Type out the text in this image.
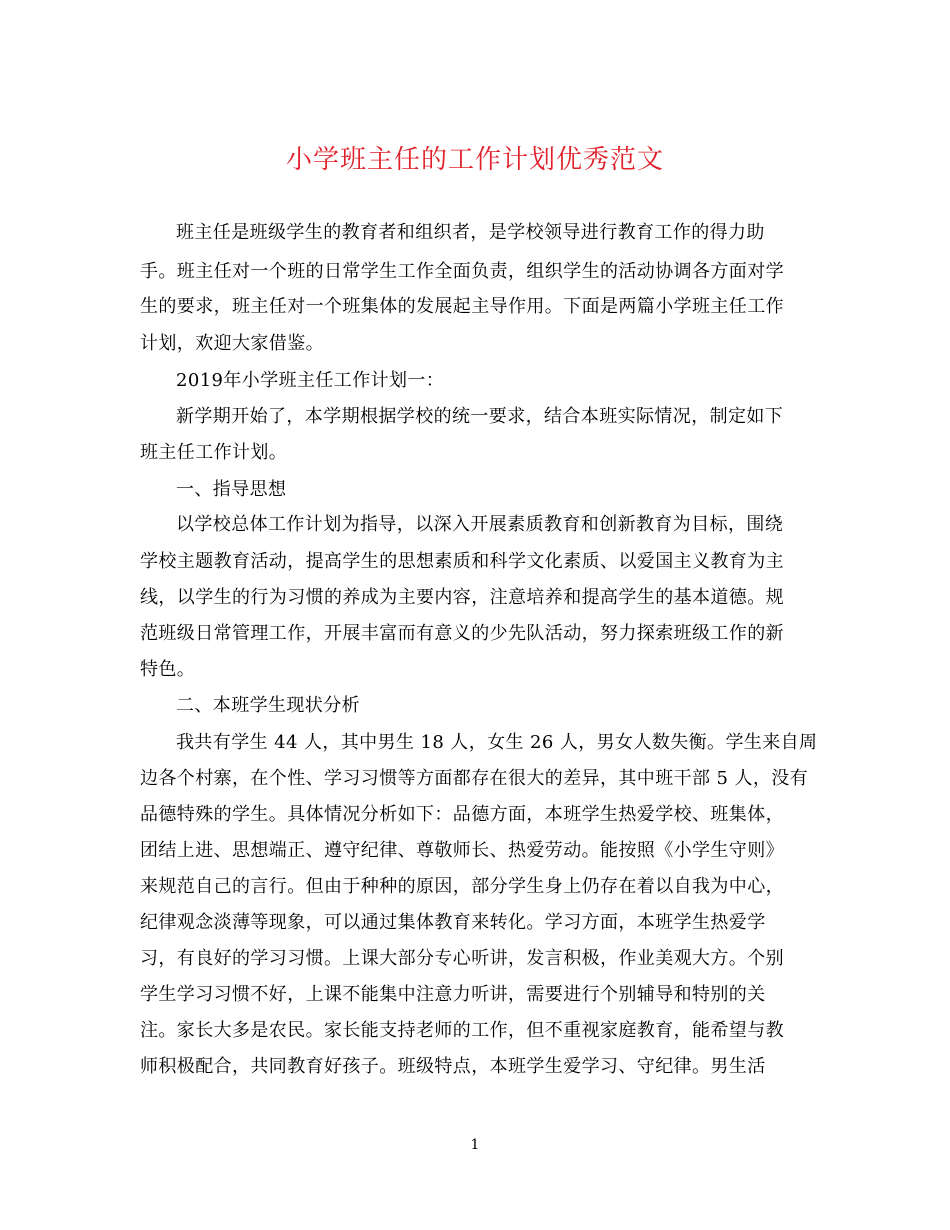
小学班主任的工作计划优秀范文
班主任是班级学生的教育者和组织者，是学校领导进行教育工作的得力助
手。班主任对一个班的日常学生工作全面负责，组织学生的活动协调各方面对学
生的要求，班主任对一个班集体的发展起主导作用。下面是两篇小学班主任工作
计划，欢迎大家借鉴。
2019年小学班主任工作计划一：
新学期开始了，本学期根据学校的统一要求，结合本班实际情况，制定如下
班主任工作计划。
一、指导思想
以学校总体工作计划为指导，以深入开展素质教育和创新教育为目标，围绕
学校主题教育活动，提高学生的思想素质和科学文化素质、以爱国主义教育为主
线，以学生的行为习惯的养成为主要内容，注意培养和提高学生的基本道德。规
范班级日常管理工作，开展丰富而有意义的少先队活动，努力探索班级工作的新
特色。
二、本班学生现状分析
我共有学生 44 人，其中男生 18 人，女生 26 人，男女人数失衡。学生来自周
边各个村寨，在个性、学习习惯等方面都存在很大的差异，其中班干部 5 人，没有
品德特殊的学生。具体情况分析如下：品德方面，本班学生热爱学校、班集体，
团结上进、思想端正、遵守纪律、尊敬师长、热爱劳动。能按照《小学生守则》
来规范自己的言行。但由于种种的原因，部分学生身上仍存在着以自我为中心，
纪律观念淡薄等现象，可以通过集体教育来转化。学习方面，本班学生热爱学
习，有良好的学习习惯。上课大部分专心听讲，发言积极，作业美观大方。个别
学生学习习惯不好，上课不能集中注意力听讲，需要进行个别辅导和特别的关
注。家长大多是农民。家长能支持老师的工作，但不重视家庭教育，能希望与教
师积极配合，共同教育好孩子。班级特点，本班学生爱学习、守纪律。男生活
1
